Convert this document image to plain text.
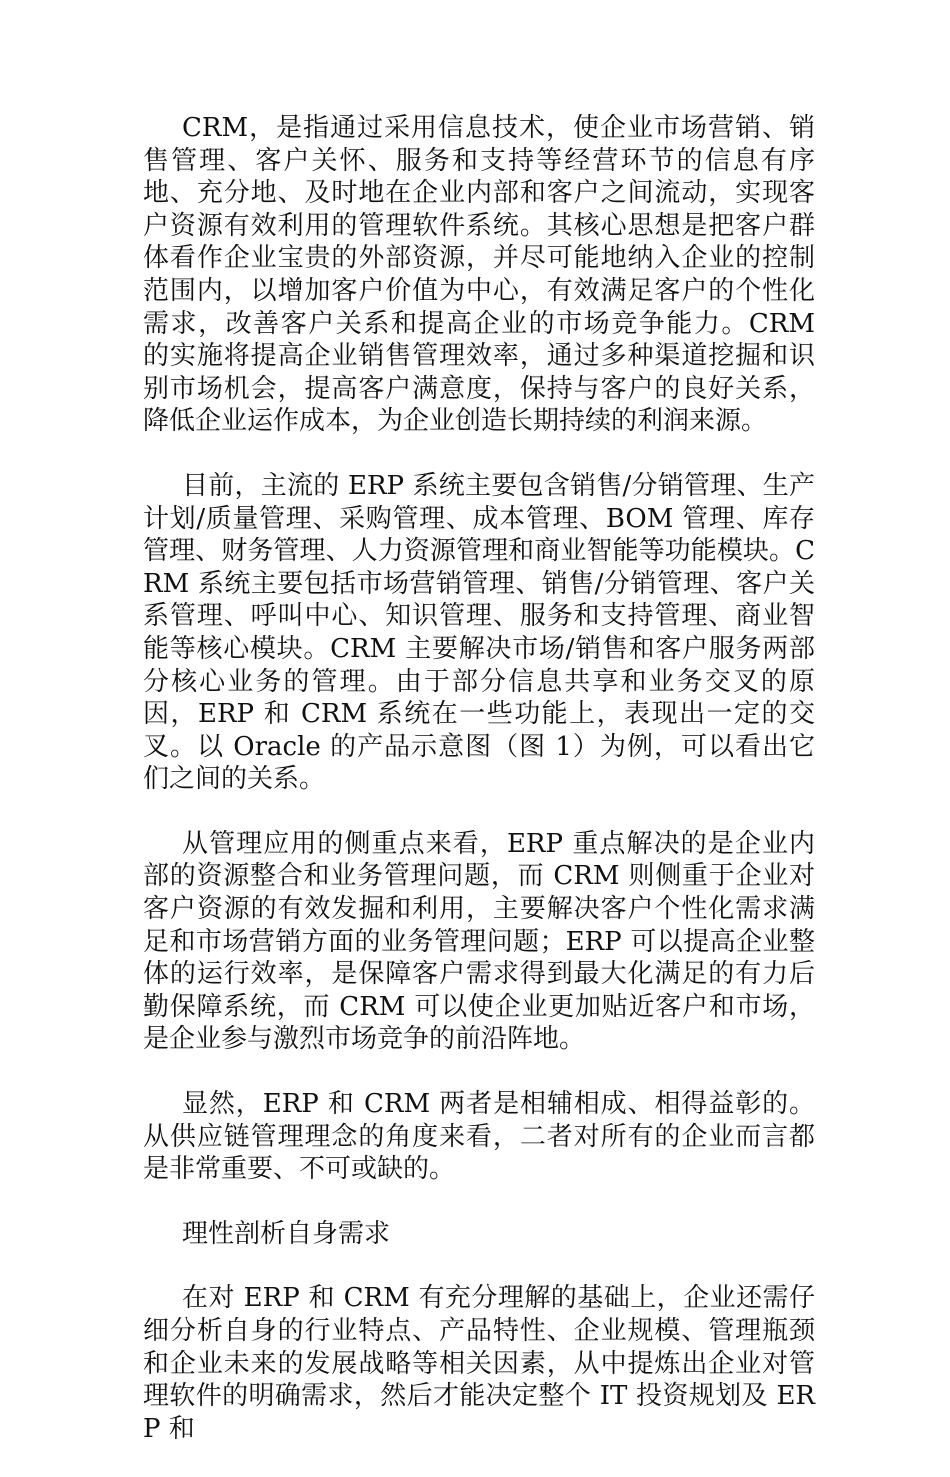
CRM，是指通过采用信息技术，使企业市场营销、销售管理、客户关怀、服务和支持等经营环节的信息有序地、充分地、及时地在企业内部和客户之间流动，实现客户资源有效利用的管理软件系统。其核心思想是把客户群体看作企业宝贵的外部资源，并尽可能地纳入企业的控制范围内，以增加客户价值为中心，有效满足客户的个性化需求，改善客户关系和提高企业的市场竞争能力。CRM 的实施将提高企业销售管理效率，通过多种渠道挖掘和识别市场机会，提高客户满意度，保持与客户的良好关系，降低企业运作成本，为企业创造长期持续的利润来源。

目前，主流的 ERP 系统主要包含销售/分销管理、生产计划/质量管理、采购管理、成本管理、BOM 管理、库存管理、财务管理、人力资源管理和商业智能等功能模块。CRM 系统主要包括市场营销管理、销售/分销管理、客户关系管理、呼叫中心、知识管理、服务和支持管理、商业智能等核心模块。CRM 主要解决市场/销售和客户服务两部分核心业务的管理。由于部分信息共享和业务交叉的原因，ERP 和 CRM 系统在一些功能上，表现出一定的交叉。以 Oracle 的产品示意图（图 1）为例，可以看出它们之间的关系。

从管理应用的侧重点来看，ERP 重点解决的是企业内部的资源整合和业务管理问题，而 CRM 则侧重于企业对客户资源的有效发掘和利用，主要解决客户个性化需求满足和市场营销方面的业务管理问题；ERP 可以提高企业整体的运行效率，是保障客户需求得到最大化满足的有力后勤保障系统，而 CRM 可以使企业更加贴近客户和市场，是企业参与激烈市场竞争的前沿阵地。

显然，ERP 和 CRM 两者是相辅相成、相得益彰的。从供应链管理理念的角度来看，二者对所有的企业而言都是非常重要、不可或缺的。

理性剖析自身需求

在对 ERP 和 CRM 有充分理解的基础上，企业还需仔细分析自身的行业特点、产品特性、企业规模、管理瓶颈和企业未来的发展战略等相关因素，从中提炼出企业对管理软件的明确需求，然后才能决定整个 IT 投资规划及 ERP 和
